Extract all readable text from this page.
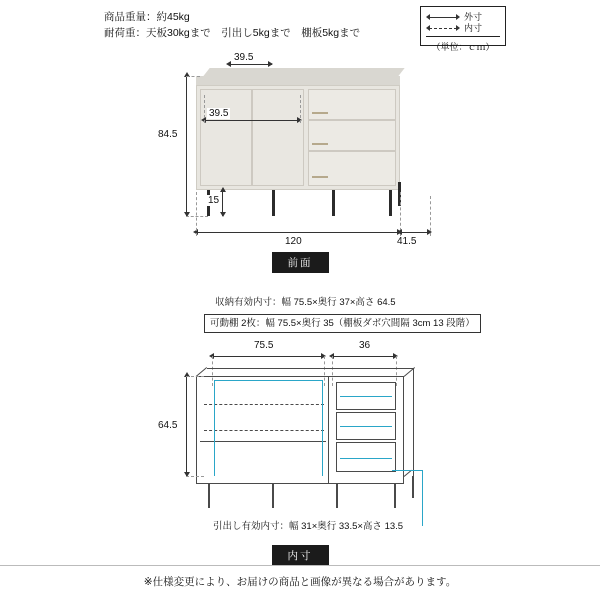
商品重量：約45kg
耐荷重：天板30kgまで　引出し5kgまで　棚板5kgまで
外寸
内寸
（単位：ｃｍ）
39.5
39.5
84.5
15
120	41.5
前面
収納有効内寸：幅 75.5×奥行 37×高さ 64.5
可動棚 2枚：幅 75.5×奥行 35（棚板ダボ穴間隔 3cm 13 段階）
75.5	36
64.5
引出し有効内寸：幅 31×奥行 33.5×高さ 13.5
内寸
※仕様変更により、お届けの商品と画像が異なる場合があります。
